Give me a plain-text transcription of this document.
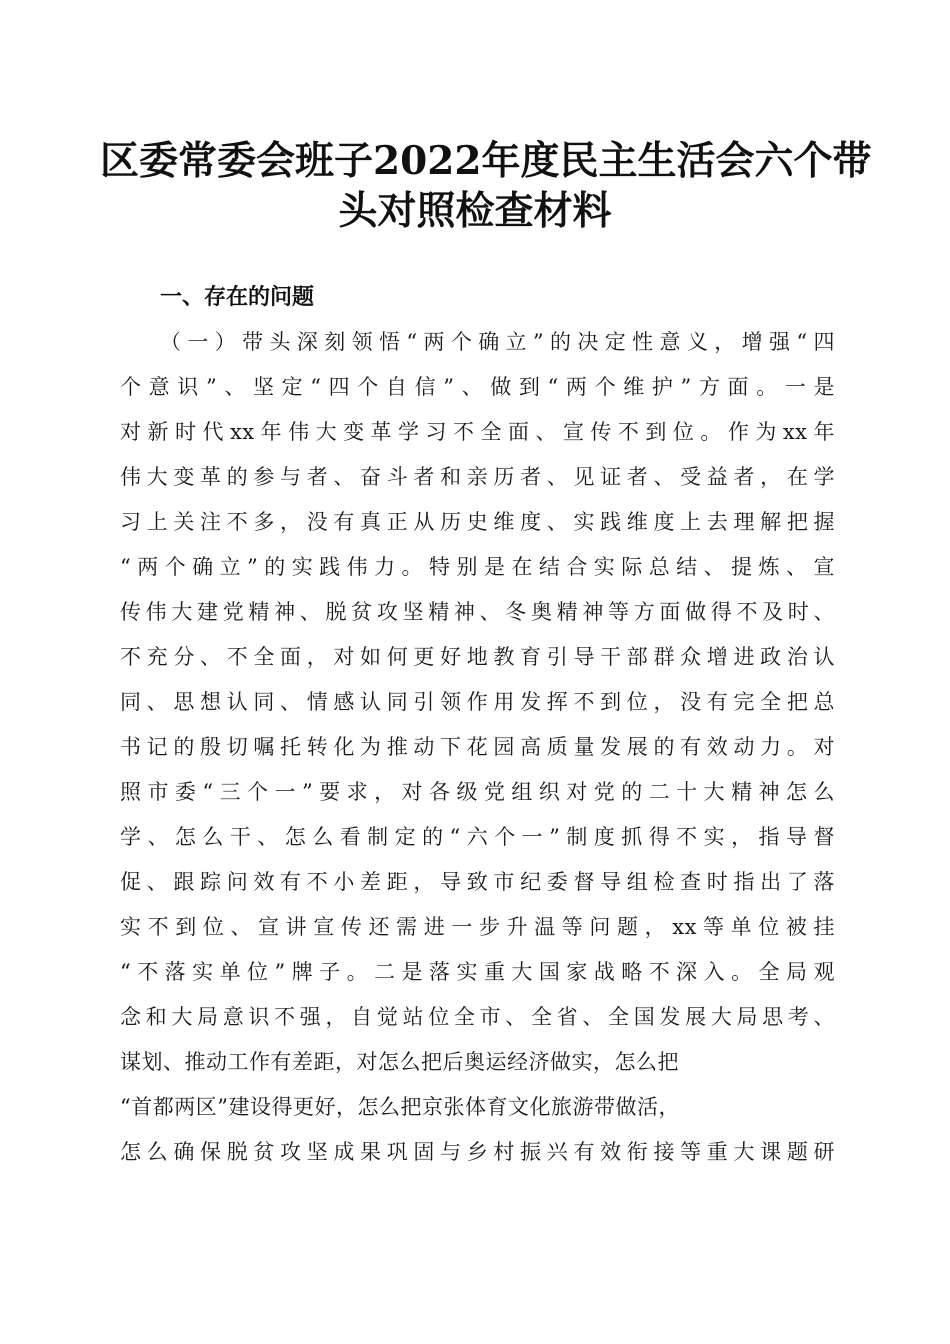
区委常委会班子2022年度民主生活会六个带
头对照检查材料
一、存在的问题
（一）带头深刻领悟“两个确立”的决定性意义，增强“四
个意识”、坚定“四个自信”、做到“两个维护”方面。一是
对新时代xx年伟大变革学习不全面、宣传不到位。作为xx年
伟大变革的参与者、奋斗者和亲历者、见证者、受益者，在学
习上关注不多，没有真正从历史维度、实践维度上去理解把握
“两个确立”的实践伟力。特别是在结合实际总结、提炼、宣
传伟大建党精神、脱贫攻坚精神、冬奥精神等方面做得不及时、
不充分、不全面，对如何更好地教育引导干部群众增进政治认
同、思想认同、情感认同引领作用发挥不到位，没有完全把总
书记的殷切嘱托转化为推动下花园高质量发展的有效动力。对
照市委“三个一”要求，对各级党组织对党的二十大精神怎么
学、怎么干、怎么看制定的“六个一”制度抓得不实，指导督
促、跟踪问效有不小差距，导致市纪委督导组检查时指出了落
实不到位、宣讲宣传还需进一步升温等问题，xx等单位被挂
“不落实单位”牌子。二是落实重大国家战略不深入。全局观
念和大局意识不强，自觉站位全市、全省、全国发展大局思考、
谋划、推动工作有差距，对怎么把后奥运经济做实，怎么把
“首都两区”建设得更好，怎么把京张体育文化旅游带做活，
怎么确保脱贫攻坚成果巩固与乡村振兴有效衔接等重大课题研
